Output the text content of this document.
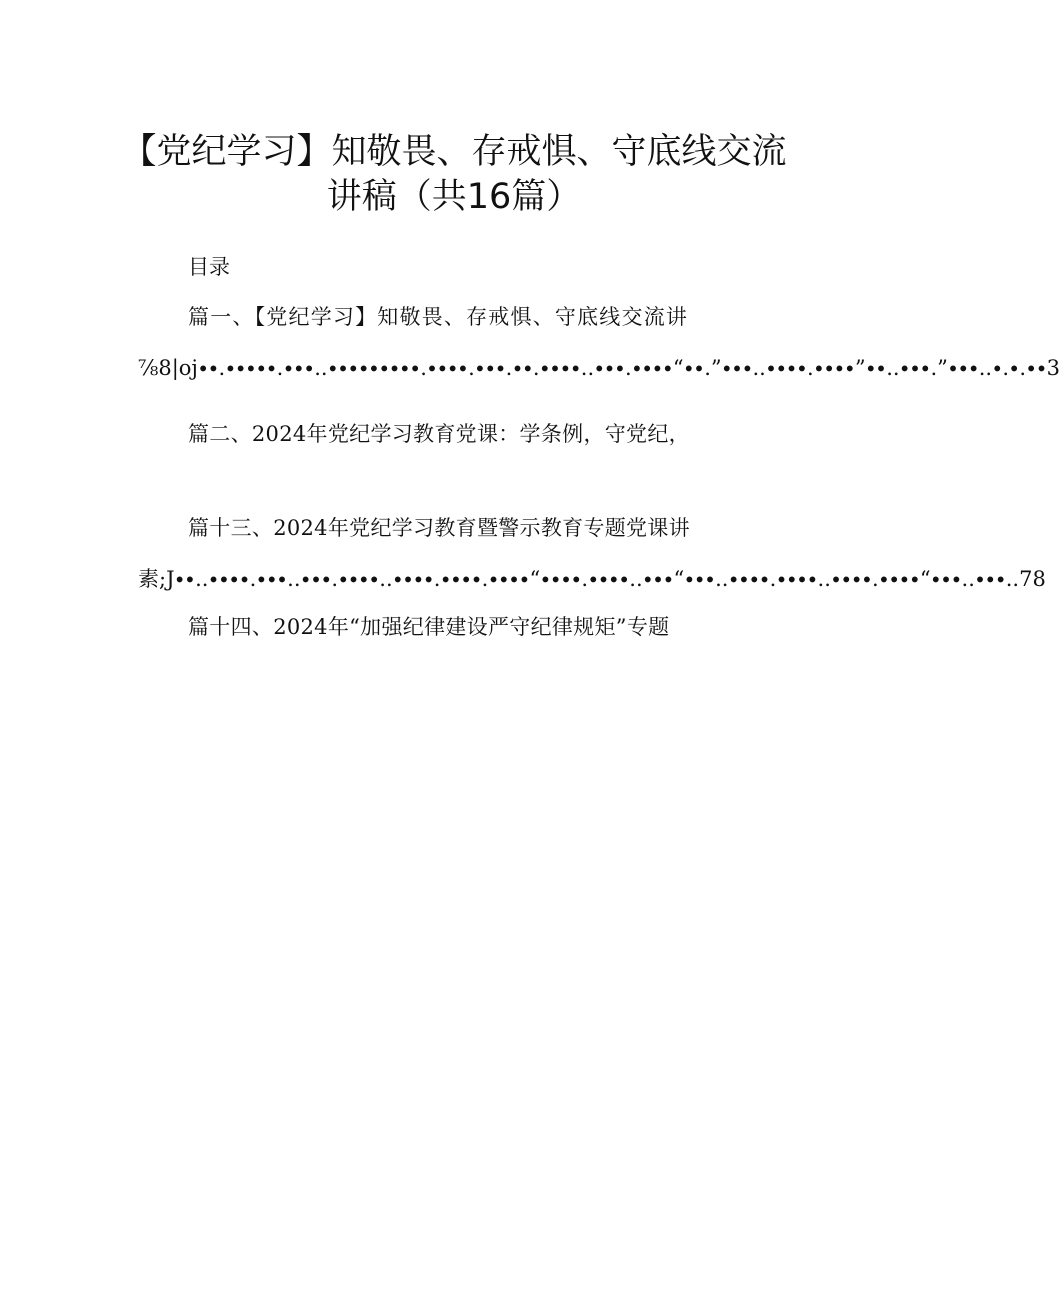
【党纪学习】知敬畏、存戒惧、守底线交流
讲稿（共16篇）
目录
篇一、【党纪学习】知敬畏、存戒惧、守底线交流讲
⅞8|oj∙∙.∙∙∙∙∙.∙∙∙..∙∙∙∙∙∙∙∙∙.∙∙∙∙.∙∙∙.∙∙.∙∙∙∙..∙∙∙.∙∙∙∙“∙∙.”∙∙∙..∙∙∙∙.∙∙∙∙”∙∙..∙∙∙.”∙∙∙..∙.∙.∙∙3
篇二、2024年党纪学习教育党课：学条例，守党纪，
篇十三、2024年党纪学习教育暨警示教育专题党课讲
素;J∙∙..∙∙∙∙.∙∙∙..∙∙∙.∙∙∙∙..∙∙∙∙.∙∙∙∙.∙∙∙∙“∙∙∙∙.∙∙∙∙..∙∙∙“∙∙∙..∙∙∙∙.∙∙∙∙..∙∙∙∙.∙∙∙∙“∙∙∙..∙∙∙..78
篇十四、2024年“加强纪律建设严守纪律规矩”专题
